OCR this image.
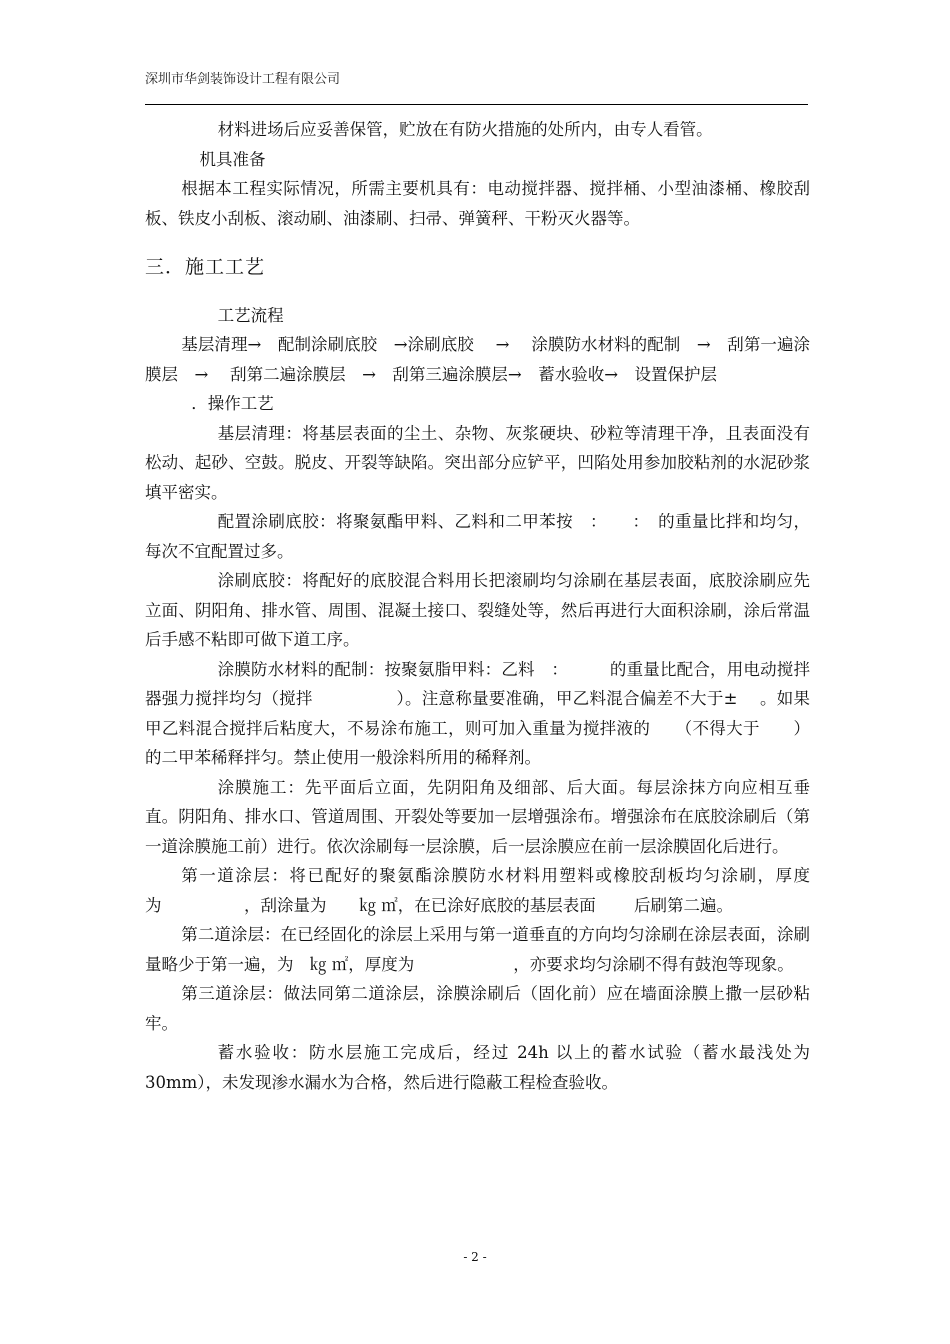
深圳市华剑装饰设计工程有限公司

材料进场后应妥善保管，贮放在有防火措施的处所内，由专人看管。

机具准备

根据本工程实际情况，所需主要机具有：电动搅拌器、搅拌桶、小型油漆桶、橡胶刮板、铁皮小刮板、滚动刷、油漆刷、扫帚、弹簧秤、干粉灭火器等。

三．施工工艺

工艺流程

基层清理→　配制涂刷底胶　→涂刷底胶　 →　 涂膜防水材料的配制　→　刮第一遍涂膜层　→　 刮第二遍涂膜层　→　刮第三遍涂膜层→　蓄水验收→　设置保护层

．操作工艺

基层清理：将基层表面的尘土、杂物、灰浆硬块、砂粒等清理干净，且表面没有松动、起砂、空鼓。脱皮、开裂等缺陷。突出部分应铲平，凹陷处用参加胶粘剂的水泥砂浆填平密实。

配置涂刷底胶：将聚氨酯甲料、乙料和二甲苯按　：　　：　的重量比拌和均匀，每次不宜配置过多。

涂刷底胶：将配好的底胶混合料用长把滚刷均匀涂刷在基层表面，底胶涂刷应先立面、阴阳角、排水管、周围、混凝土接口、裂缝处等，然后再进行大面积涂刷，涂后常温　　后手感不粘即可做下道工序。

涂膜防水材料的配制：按聚氨脂甲料：乙料　：　　　的重量比配合，用电动搅拌器强力搅拌均匀（搅拌　　　　　）。注意称量要准确，甲乙料混合偏差不大于±　 。如果甲乙料混合搅拌后粘度大，不易涂布施工，则可加入重量为搅拌液的　　（不得大于　　）的二甲苯稀释拌匀。禁止使用一般涂料所用的稀释剂。

涂膜施工：先平面后立面，先阴阳角及细部、后大面。每层涂抹方向应相互垂直。阴阳角、排水口、管道周围、开裂处等要加一层增强涂布。增强涂布在底胶涂刷后（第一道涂膜施工前）进行。依次涂刷每一层涂膜，后一层涂膜应在前一层涂膜固化后进行。

第一道涂层：将已配好的聚氨酯涂膜防水材料用塑料或橡胶刮板均匀涂刷，厚度为　　　　　，刮涂量为　　㎏ ㎡，在已涂好底胶的基层表面　　 后刷第二遍。

第二道涂层：在已经固化的涂层上采用与第一道垂直的方向均匀涂刷在涂层表面，涂刷量略少于第一遍，为　㎏ ㎡，厚度为　　　　　　，亦要求均匀涂刷不得有鼓泡等现象。

第三道涂层：做法同第二道涂层，涂膜涂刷后（固化前）应在墙面涂膜上撒一层砂粘牢。

蓄水验收：防水层施工完成后，经过 24h 以上的蓄水试验（蓄水最浅处为 30mm），未发现渗水漏水为合格，然后进行隐蔽工程检查验收。

- 2 -
